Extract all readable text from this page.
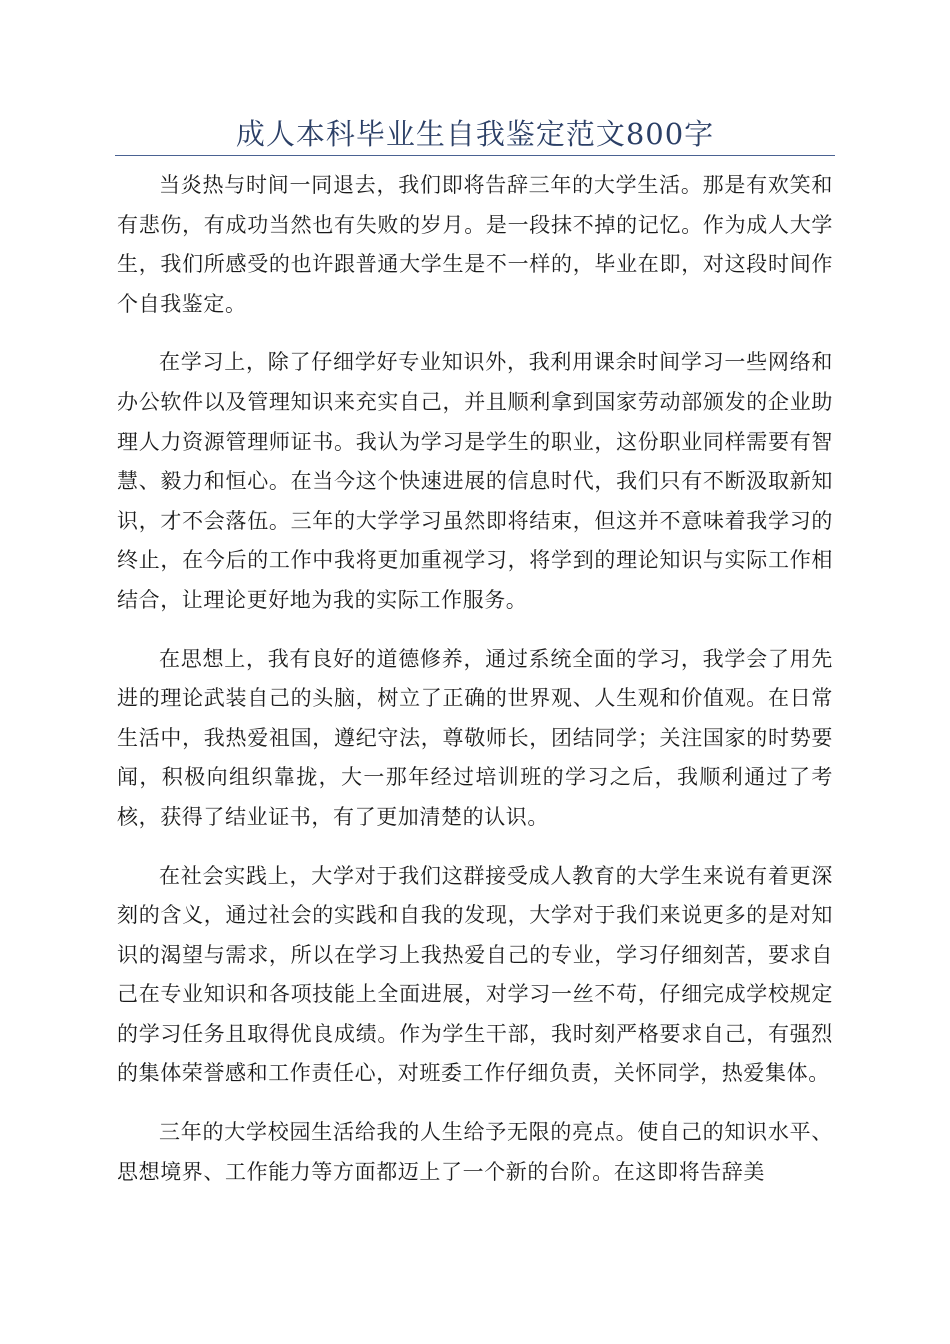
成人本科毕业生自我鉴定范文800字

当炎热与时间一同退去，我们即将告辞三年的大学生活。那是有欢笑和有悲伤，有成功当然也有失败的岁月。是一段抹不掉的记忆。作为成人大学生，我们所感受的也许跟普通大学生是不一样的，毕业在即，对这段时间作个自我鉴定。

在学习上，除了仔细学好专业知识外，我利用课余时间学习一些网络和办公软件以及管理知识来充实自己，并且顺利拿到国家劳动部颁发的企业助理人力资源管理师证书。我认为学习是学生的职业，这份职业同样需要有智慧、毅力和恒心。在当今这个快速进展的信息时代，我们只有不断汲取新知识，才不会落伍。三年的大学学习虽然即将结束，但这并不意味着我学习的终止，在今后的工作中我将更加重视学习，将学到的理论知识与实际工作相结合，让理论更好地为我的实际工作服务。

在思想上，我有良好的道德修养，通过系统全面的学习，我学会了用先进的理论武装自己的头脑，树立了正确的世界观、人生观和价值观。在日常生活中，我热爱祖国，遵纪守法，尊敬师长，团结同学；关注国家的时势要闻，积极向组织靠拢，大一那年经过培训班的学习之后，我顺利通过了考核，获得了结业证书，有了更加清楚的认识。

在社会实践上，大学对于我们这群接受成人教育的大学生来说有着更深刻的含义，通过社会的实践和自我的发现，大学对于我们来说更多的是对知识的渴望与需求，所以在学习上我热爱自己的专业，学习仔细刻苦，要求自己在专业知识和各项技能上全面进展，对学习一丝不苟，仔细完成学校规定的学习任务且取得优良成绩。作为学生干部，我时刻严格要求自己，有强烈的集体荣誉感和工作责任心，对班委工作仔细负责，关怀同学，热爱集体。

三年的大学校园生活给我的人生给予无限的亮点。使自己的知识水平、思想境界、工作能力等方面都迈上了一个新的台阶。在这即将告辞美
